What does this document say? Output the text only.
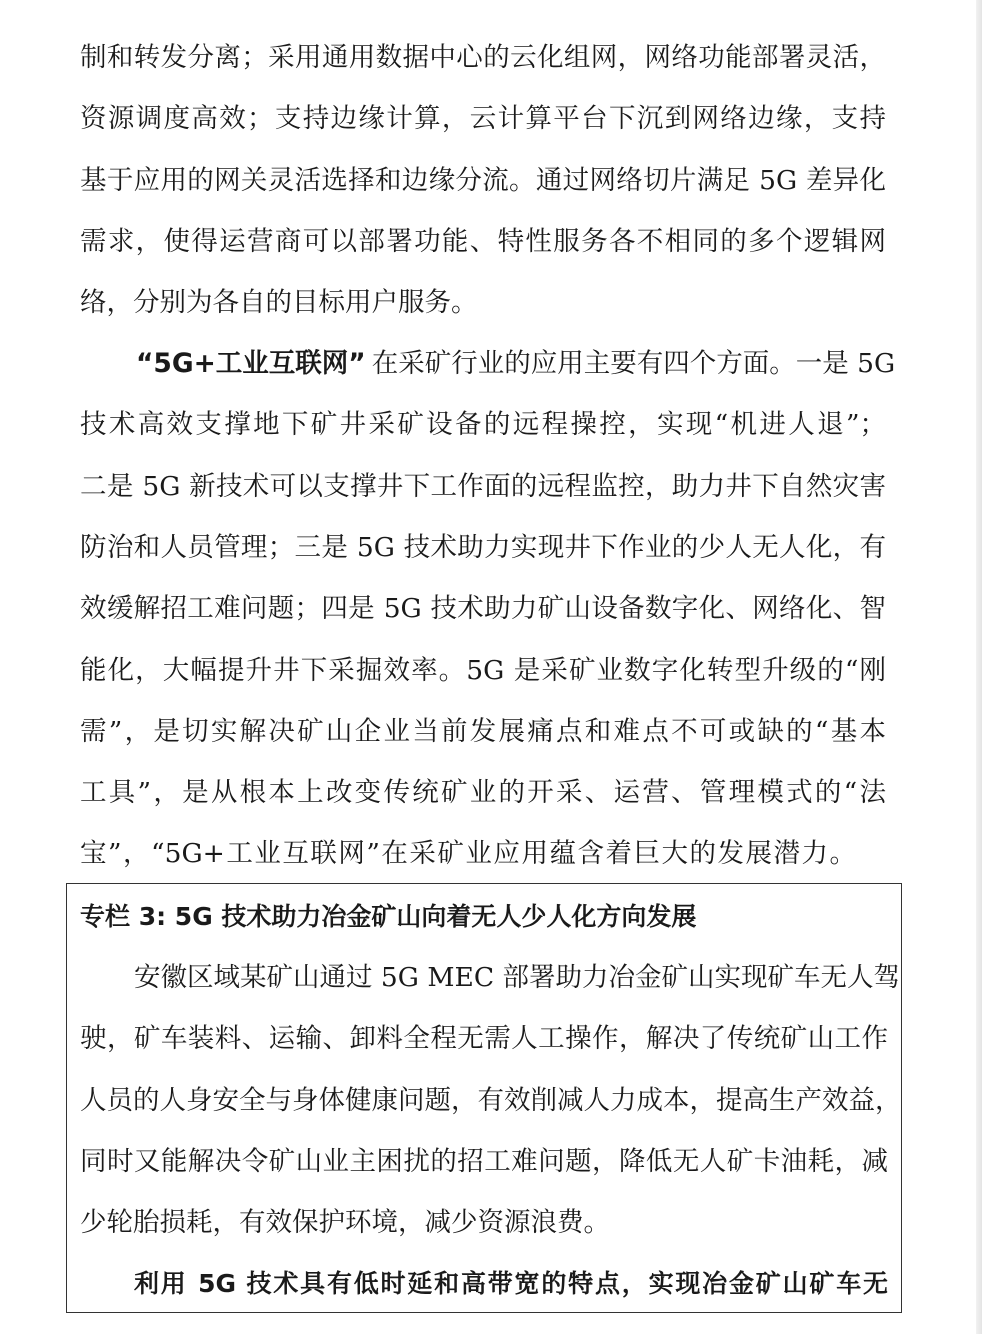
制和转发分离；采用通用数据中心的云化组网，网络功能部署灵活，
资源调度高效；支持边缘计算，云计算平台下沉到网络边缘，支持
基于应用的网关灵活选择和边缘分流。通过网络切片满足 5G 差异化
需求，使得运营商可以部署功能、特性服务各不相同的多个逻辑网
络，分别为各自的目标用户服务。
“5G+工业互联网” 在采矿行业的应用主要有四个方面。一是 5G
技术高效支撑地下矿井采矿设备的远程操控，实现“机进人退”；
二是 5G 新技术可以支撑井下工作面的远程监控，助力井下自然灾害
防治和人员管理；三是 5G 技术助力实现井下作业的少人无人化，有
效缓解招工难问题；四是 5G 技术助力矿山设备数字化、网络化、智
能化，大幅提升井下采掘效率。5G 是采矿业数字化转型升级的“刚
需”，是切实解决矿山企业当前发展痛点和难点不可或缺的“基本
工具”，是从根本上改变传统矿业的开采、运营、管理模式的“法
宝”，“5G+工业互联网”在采矿业应用蕴含着巨大的发展潜力。
专栏 3: 5G 技术助力冶金矿山向着无人少人化方向发展
安徽区域某矿山通过 5G MEC 部署助力冶金矿山实现矿车无人驾
驶，矿车装料、运输、卸料全程无需人工操作，解决了传统矿山工作
人员的人身安全与身体健康问题，有效削减人力成本，提高生产效益，
同时又能解决令矿山业主困扰的招工难问题，降低无人矿卡油耗，减
少轮胎损耗，有效保护环境，减少资源浪费。
利用 5G 技术具有低时延和高带宽的特点，实现冶金矿山矿车无
